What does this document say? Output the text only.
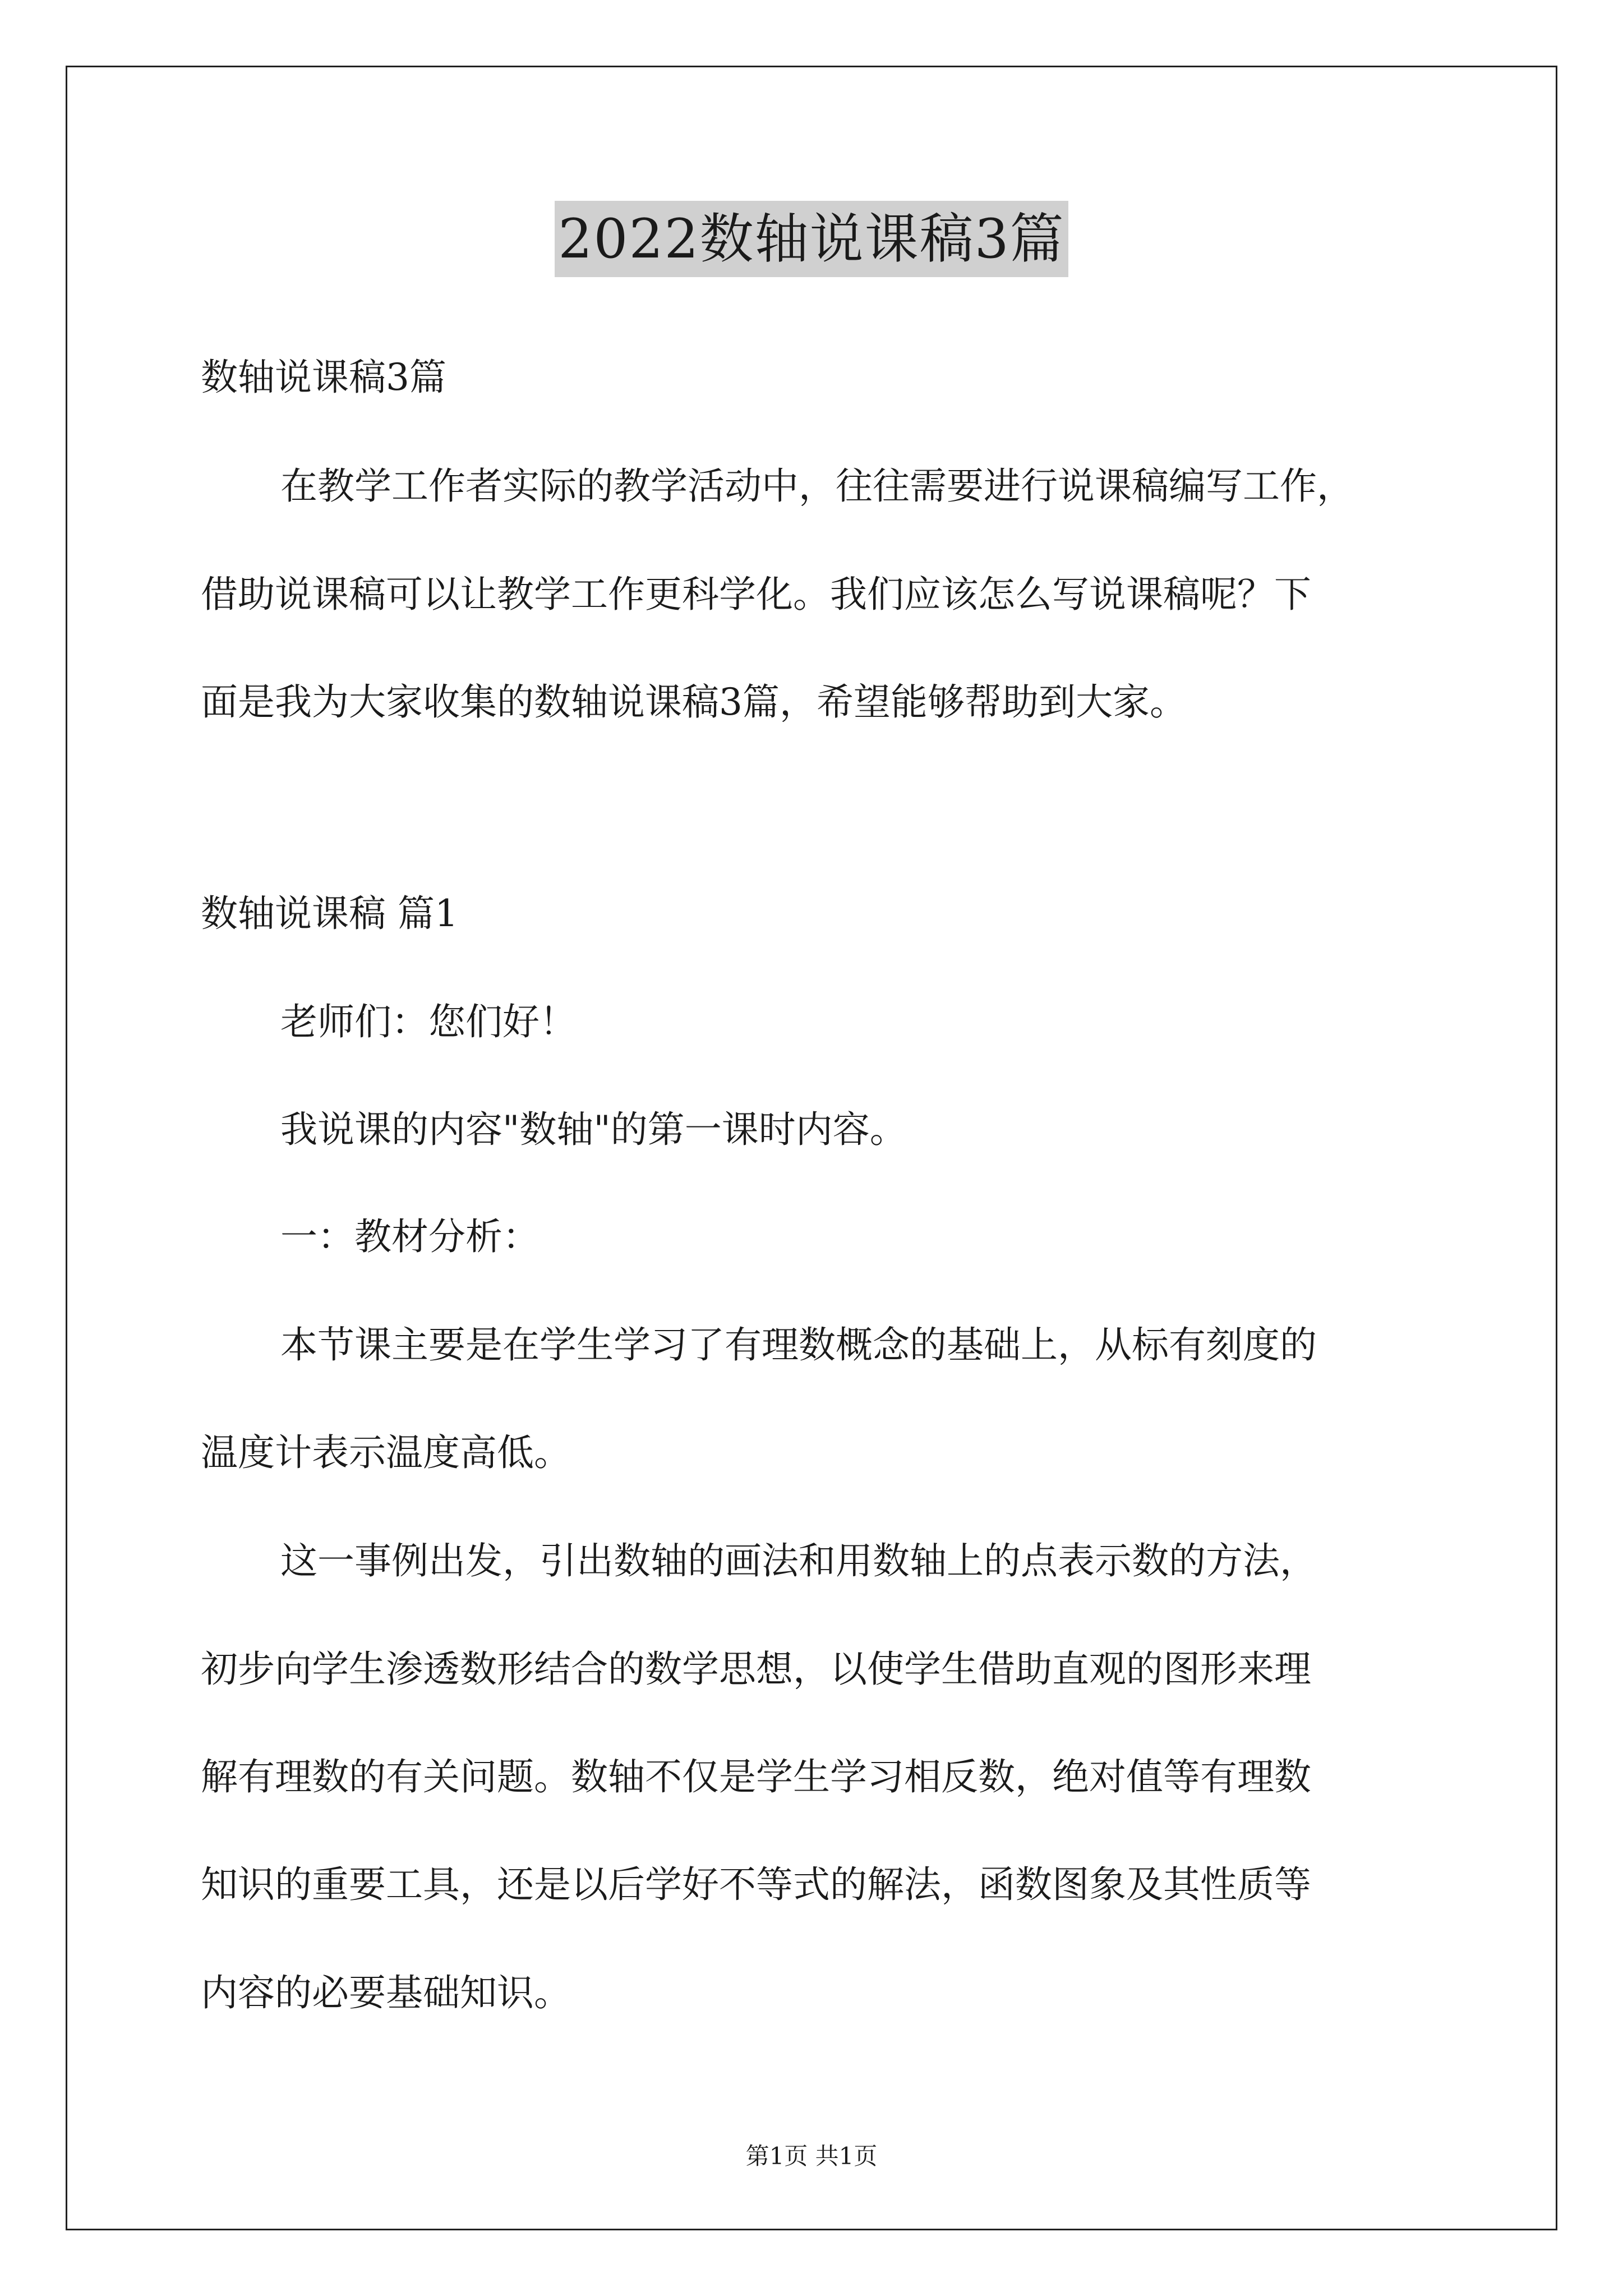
2022数轴说课稿3篇

数轴说课稿3篇

在教学工作者实际的教学活动中，往往需要进行说课稿编写工作，

借助说课稿可以让教学工作更科学化。我们应该怎么写说课稿呢？下

面是我为大家收集的数轴说课稿3篇，希望能够帮助到大家。

数轴说课稿 篇1

老师们：您们好！

我说课的内容"数轴"的第一课时内容。

一：教材分析：

本节课主要是在学生学习了有理数概念的基础上，从标有刻度的

温度计表示温度高低。

这一事例出发，引出数轴的画法和用数轴上的点表示数的方法，

初步向学生渗透数形结合的数学思想，以使学生借助直观的图形来理

解有理数的有关问题。数轴不仅是学生学习相反数，绝对值等有理数

知识的重要工具，还是以后学好不等式的解法，函数图象及其性质等

内容的必要基础知识。

第1页 共1页
